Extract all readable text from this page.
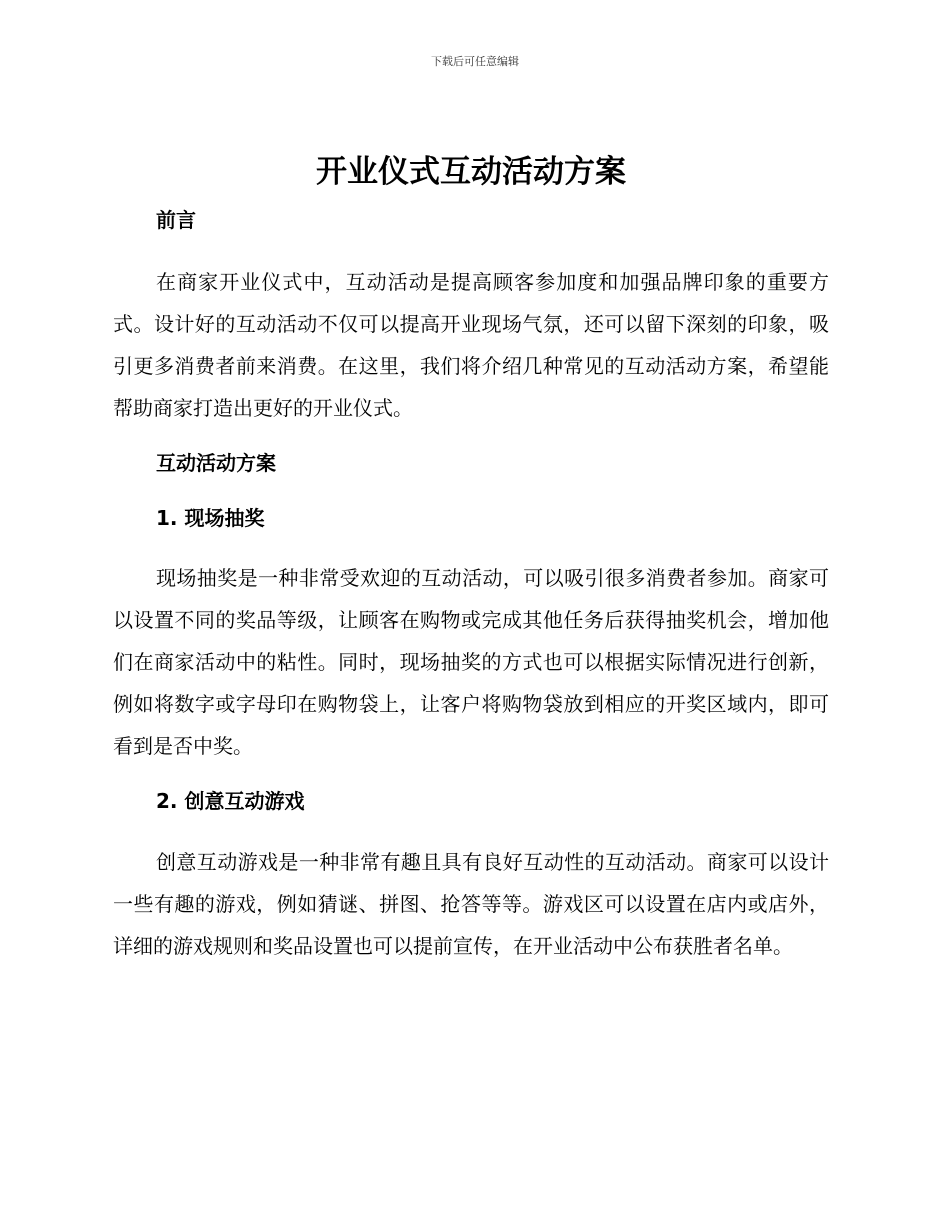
下载后可任意编辑
开业仪式互动活动方案
前言

在商家开业仪式中，互动活动是提高顾客参加度和加强品牌印象的重要方式。设计好的互动活动不仅可以提高开业现场气氛，还可以留下深刻的印象，吸引更多消费者前来消费。在这里，我们将介绍几种常见的互动活动方案，希望能帮助商家打造出更好的开业仪式。

互动活动方案
1. 现场抽奖

现场抽奖是一种非常受欢迎的互动活动，可以吸引很多消费者参加。商家可以设置不同的奖品等级，让顾客在购物或完成其他任务后获得抽奖机会，增加他们在商家活动中的粘性。同时，现场抽奖的方式也可以根据实际情况进行创新，例如将数字或字母印在购物袋上，让客户将购物袋放到相应的开奖区域内，即可看到是否中奖。

2. 创意互动游戏

创意互动游戏是一种非常有趣且具有良好互动性的互动活动。商家可以设计一些有趣的游戏，例如猜谜、拼图、抢答等等。游戏区可以设置在店内或店外，详细的游戏规则和奖品设置也可以提前宣传，在开业活动中公布获胜者名单。
